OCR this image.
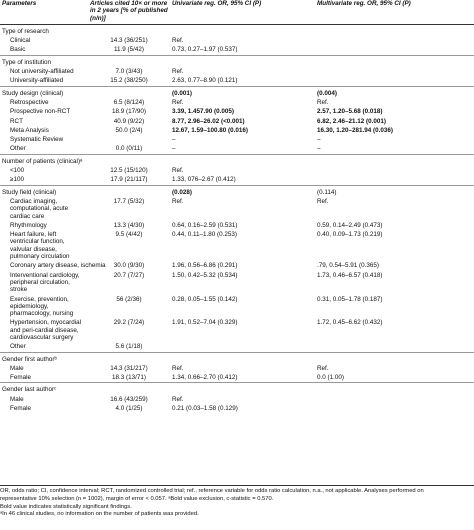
Parameters	Articles cited 10× or more in 2 years [% of published (n/n)]	Univariate reg. OR, 95% CI (P)	Multivariate reg. OR, 95% CI (P)
Type of research			
Clinical	14.3 (36/251)	Ref.	
Basic	11.9 (5/42)	0.73, 0.27–1.97 (0.537)	
Type of institution			
Not university-affiliated	7.0 (3/43)	Ref.	
University-affiliated	15.2 (38/250)	2.63, 0.77–8.90 (0.121)	
Study design (clinical)		(0.001)	(0.004)
Retrospective	6.5 (8/124)	Ref.	Ref.
Prospective non-RCT	18.9 (17/90)	3.39, 1.457.90 (0.005)	2.57, 1.20–5.68 (0.018)
RCT	40.9 (9/22)	8.77, 2.96–26.02 (<0.001)	6.82, 2.46–21.12 (0.001)
Meta Analysis	50.0 (2/4)	12.67, 1.59–100.80 (0.016)	16.30, 1.20–281.94 (0.036)
Systematic Review		–	–
Other	0.0 (0/11)	–	–
Number of patients (clinical)ᵃ			
<100	12.5 (15/120)	Ref.	
≥100	17.9 (21/117)	1.33, 076–2.67 (0.412)	
Study field (clinical)		(0.028)	(0.114)
Cardiac imaging, computational, acute cardiac care	17.7 (5/32)	Ref.	Ref.
Rhythmology	13.3 (4/30)	0.64, 0.16–2.59 (0.531)	0.59, 0.14–2.49 (0.473)
Heart failure, left ventricular function, valvular disease, pulmonary circulation	9.5 (4/42)	0.44, 0.11–1.80 (0.253)	0.40, 0.09–1.73 (0.219)
Coronary artery disease, ischemia	30.0 (9/30)	1.96, 0.56–6.86 (0.291)	.79, 0.54–5.91 (0.365)
Interventional cardiology, peripheral circulation, stroke	20.7 (7/27)	1.50, 0.42–5.32 (0.534)	1.73, 0.46–6.57 (0.418)
Exercise, prevention, epidemiology, pharmacology, nursing	56 (2/36)	0.28, 0.05–1.55 (0.142)	0.31, 0.05–1.78 (0.187)
Hypertension, myocardial and peri-cardial disease, cardiovascular surgery	29.2 (7/24)	1.91, 0.52–7.04 (0.329)	1.72, 0.45–6.62 (0.432)
Other	5.6 (1/18)		
Gender first authorᵇ			
Male	14.3 (31/217)	Ref.	Ref.
Female	18.3 (13/71)	1.34, 0.66–2.70 (0.412)	0.0 (1.00)
Gender last authorᶜ			
Male	16.6 (43/259)	Ref.	
Female	4.0 (1/25)	0.21 (0.03–1.58 (0.129)	
OR, odds ratio; CI, confidence interval; RCT, randomized controlled trial; ref., reference variable for odds ratio calculation, n.a., not applicable. Analyses performed on
representative 10% selection (n = 1002), margin of error < 0.057. ᵃBold value exclusion, c-statistic = 0.570.
Bold value indicates statistically significant findings.
ᵃIn 46 clinical studies, no information on the number of patients was provided.
